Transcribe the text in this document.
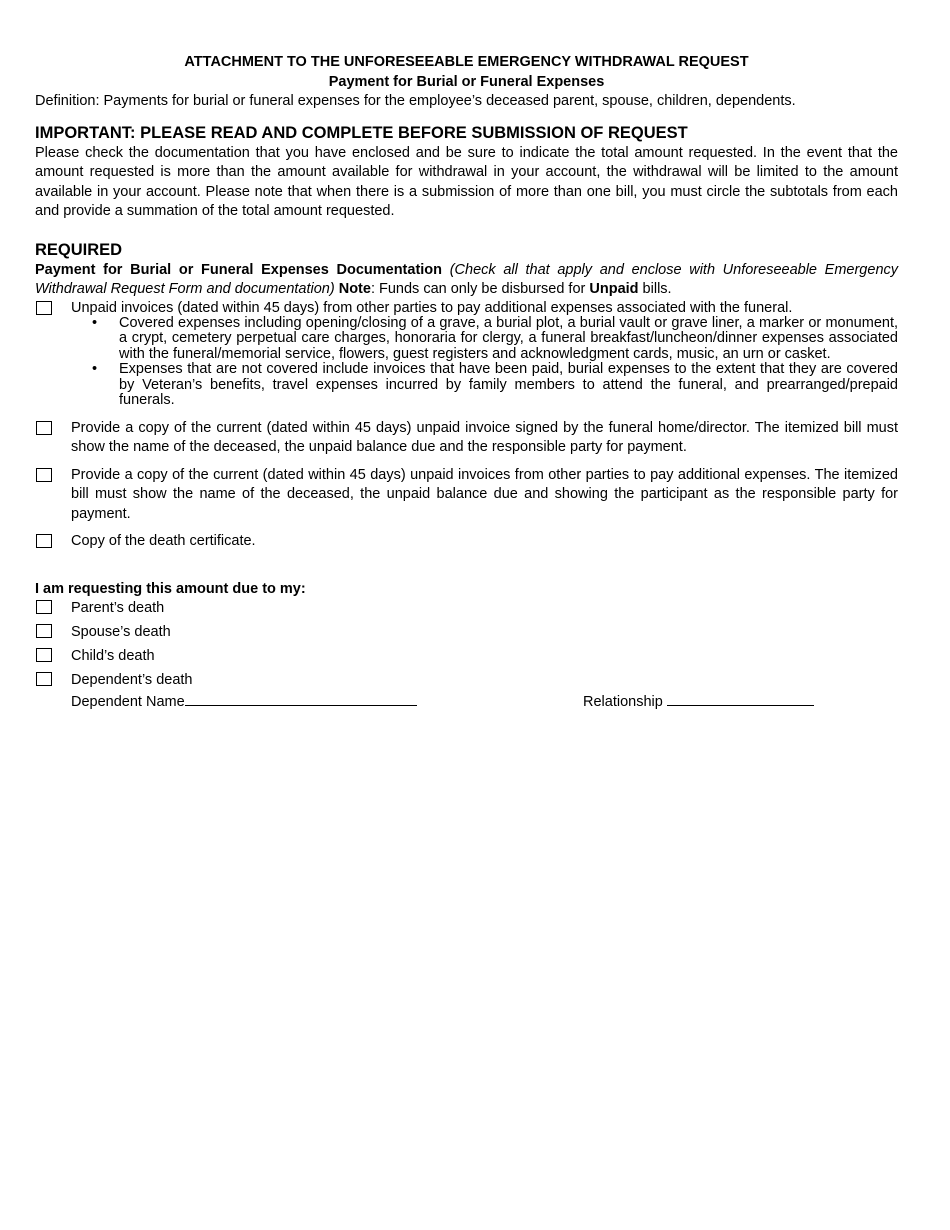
ATTACHMENT TO THE UNFORESEEABLE EMERGENCY WITHDRAWAL REQUEST
Payment for Burial or Funeral Expenses
Definition: Payments for burial or funeral expenses for the employee’s deceased parent, spouse, children, dependents.
IMPORTANT: PLEASE READ AND COMPLETE BEFORE SUBMISSION OF REQUEST
Please check the documentation that you have enclosed and be sure to indicate the total amount requested. In the event that the amount requested is more than the amount available for withdrawal in your account, the withdrawal will be limited to the amount available in your account. Please note that when there is a submission of more than one bill, you must circle the subtotals from each and provide a summation of the total amount requested.
REQUIRED
Payment for Burial or Funeral Expenses Documentation (Check all that apply and enclose with Unforeseeable Emergency Withdrawal Request Form and documentation) Note: Funds can only be disbursed for Unpaid bills.
Unpaid invoices (dated within 45 days) from other parties to pay additional expenses associated with the funeral.
• Covered expenses including opening/closing of a grave, a burial plot, a burial vault or grave liner, a marker or monument, a crypt, cemetery perpetual care charges, honoraria for clergy, a funeral breakfast/luncheon/dinner expenses associated with the funeral/memorial service, flowers, guest registers and acknowledgment cards, music, an urn or casket.
• Expenses that are not covered include invoices that have been paid, burial expenses to the extent that they are covered by Veteran’s benefits, travel expenses incurred by family members to attend the funeral, and prearranged/prepaid funerals.
Provide a copy of the current (dated within 45 days) unpaid invoice signed by the funeral home/director. The itemized bill must show the name of the deceased, the unpaid balance due and the responsible party for payment.
Provide a copy of the current (dated within 45 days) unpaid invoices from other parties to pay additional expenses. The itemized bill must show the name of the deceased, the unpaid balance due and showing the participant as the responsible party for payment.
Copy of the death certificate.
I am requesting this amount due to my:
Parent’s death
Spouse’s death
Child’s death
Dependent’s death
Dependent Name	Relationship
